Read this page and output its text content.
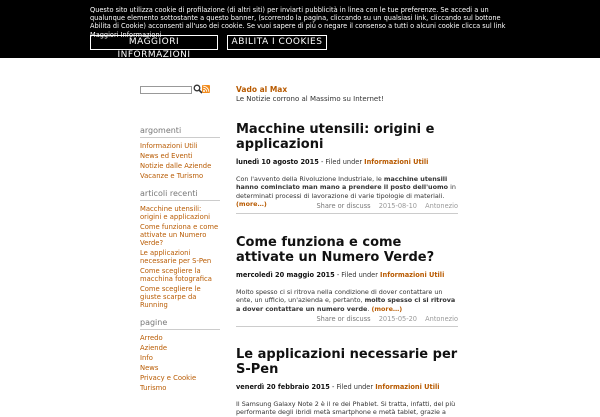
Questo sito utilizza cookie di profilazione (di altri siti) per inviarti pubblicità in linea con le tue preferenze. Se accedi a un qualunque elemento sottostante a questo banner, (scorrendo la pagina, cliccando su un qualsiasi link, cliccando sul bottone Abilita di Cookie) acconsenti all'uso dei cookie. Se vuoi sapere di più o negare il consenso a tutti o alcuni cookie clicca sul link Maggiori Informazioni
MAGGIORI INFORMAZIONI
ABILITA I COOKIES
Vado al Max
Le Notizie corrono al Massimo su Internet!
argomenti
Informazioni Utili
News ed Eventi
Notizie dalle Aziende
Vacanze e Turismo
articoli recenti
Macchine utensili: origini e applicazioni
Come funziona e come attivate un Numero Verde?
Le applicazioni necessarie per S-Pen
Come scegliere la macchina fotografica
Come scegliere le giuste scarpe da Running
pagine
Arredo
Aziende
Info
News
Privacy e Cookie
Turismo
Macchine utensili: origini e applicazioni
lunedì 10 agosto 2015 - Filed under Informazioni Utili
Con l'avvento della Rivoluzione Industriale, le macchine utensili hanno cominciato man mano a prendere il posto dell'uomo in determinati processi di lavorazione di varie tipologie di materiali. (more…)	Share or discuss 2015-08-10 Antonezio
Come funziona e come attivate un Numero Verde?
mercoledì 20 maggio 2015 - Filed under Informazioni Utili
Molto spesso ci si ritrova nella condizione di dover contattare un ente, un ufficio, un'azienda e, pertanto, molto spesso ci si ritrova a dover contattare un numero verde. (more…)
Share or discuss 2015-05-20 Antonezio
Le applicazioni necessarie per S-Pen
venerdì 20 febbraio 2015 - Filed under Informazioni Utili
Il Samsung Galaxy Note 2 è il re dei Phablet. Si tratta, infatti, del più performante degli ibridi metà smartphone e metà tablet, grazie a
